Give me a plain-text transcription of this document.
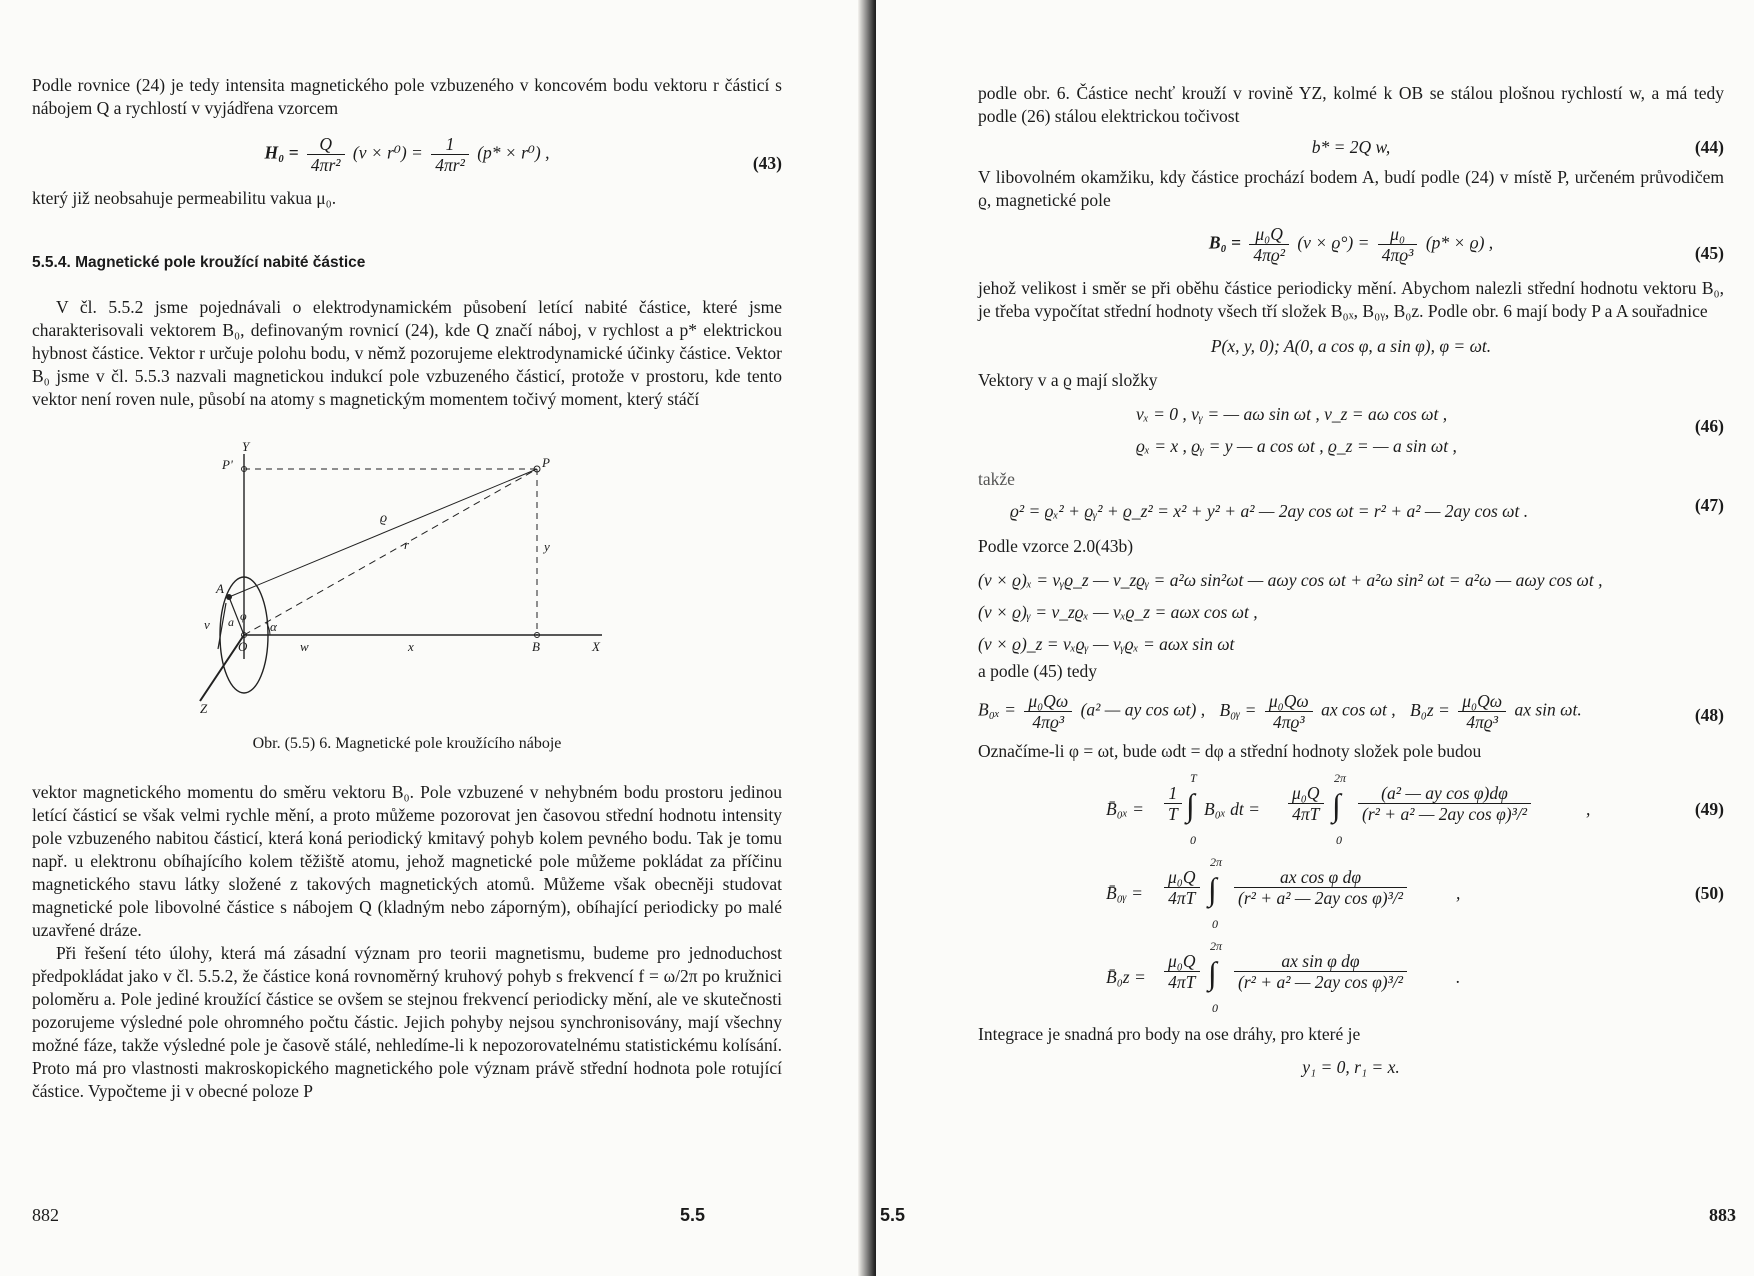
Podle rovnice (24) je tedy intensita magnetického pole vzbuzeného v koncovém bodu vektoru r částicí s nábojem Q a rychlostí v vyjádřena vzorcem

$H_0 = \frac{Q}{\text{4πr²}} (v \times r^0) = \frac{1}{\text{4πr²}} (p* \times r^0)$ ,
(43)

který již neobsahuje permeabilitu vakua μ₀.

5.5.4. Magnetické pole kroužící nabité částice

V čl. 5.5.2 jsme pojednávali o elektrodynamickém působení letící nabité částice, které jsme charakterisovali vektorem B₀, definovaným rovnicí (24), kde Q značí náboj, v rychlost a p* elektrickou hybnost částice. Vektor r určuje polohu bodu, v němž pozorujeme elektrodynamické účinky částice. Vektor B₀ jsme v čl. 5.5.3 nazvali magnetickou indukcí pole vzbuzeného částicí, protože v prostoru, kde tento vektor není roven nule, působí na atomy s magnetickým momentem točivý moment, který stáčí

Y
P'	P
ϱ
r	y
A
a φ
α
v
O	w	x	B	X
Z
Obr. (5.5) 6. Magnetické pole kroužícího náboje

vektor magnetického momentu do směru vektoru B₀. Pole vzbuzené v nehybném bodu prostoru jedinou letící částicí se však velmi rychle mění, a proto můžeme pozorovat jen časovou střední hodnotu intensity pole vzbuzeného nabitou částicí, která koná periodický kmitavý pohyb kolem pevného bodu. Tak je tomu např. u elektronu obíhajícího kolem těžiště atomu, jehož magnetické pole můžeme pokládat za příčinu magnetického stavu látky složené z takových magnetických atomů. Můžeme však obecněji studovat magnetické pole libovolné částice s nábojem Q (kladným nebo záporným), obíhající periodicky po malé uzavřené dráze.

Při řešení této úlohy, která má zásadní význam pro teorii magnetismu, budeme pro jednoduchost předpokládat jako v čl. 5.5.2, že částice koná rovnoměrný kruhový pohyb s frekvencí f = ω/2π po kružnici poloměru a. Pole jediné kroužící částice se ovšem se stejnou frekvencí periodicky mění, ale ve skutečnosti pozorujeme výsledné pole ohromného počtu částic. Jejich pohyby nejsou synchronisovány, mají všechny možné fáze, takže výsledné pole je časově stálé, nehledíme-li k nepozorovatelnému statistickému kolísání. Proto má pro vlastnosti makroskopického magnetického pole význam právě střední hodnota pole rotující částice. Vypočteme ji v obecné poloze P

882	5.5

podle obr. 6. Částice nechť krouží v rovině YZ, kolmé k OB se stálou plošnou rychlostí w, a má tedy podle (26) stálou elektrickou točivost

b* = 2Q w,	(44)

V libovolném okamžiku, kdy částice prochází bodem A, budí podle (24) v místě P, určeném průvodičem ϱ, magnetické pole

$B_0 = \frac{\text{μ₀Q}}{\text{4πϱ²}} (v \times ϱ^\circ) = \frac{\text{μ₀}}{\text{4πϱ³}} (p* \times ϱ)$ ,
(45)

jehož velikost i směr se při oběhu částice periodicky mění. Abychom nalezli střední hodnotu vektoru B₀, je třeba vypočítat střední hodnoty všech tří složek B₀ₓ, B₀ᵧ, B₀z. Podle obr. 6 mají body P a A souřadnice

P(x, y, 0); A(0, a cos φ, a sin φ), φ = ωt.

Vektory v a ϱ mají složky

vₓ = 0 , vᵧ = — aω sin ωt , v_z = aω cos ωt ,
ϱₓ = x , ϱᵧ = y — a cos ωt , ϱ_z = — a sin ωt ,
(46)

takže

ϱ² = ϱₓ² + ϱᵧ² + ϱ_z² = x² + y² + a² — 2ay cos ωt = r² + a² — 2ay cos ωt .	(47)

Podle vzorce 2.0(43b)

(v × ϱ)ₓ = vᵧϱ_z — v_zϱᵧ = a²ω sin²ωt — aωy cos ωt + a²ω sin² ωt = a²ω — aωy cos ωt ,
(v × ϱ)ᵧ = v_zϱₓ — vₓϱ_z = aωx cos ωt ,
(v × ϱ)_z = vₓϱᵧ — vᵧϱₓ = aωx sin ωt

a podle (45) tedy

$B_{0x} = \frac{\text{μ₀Qω}}{\text{4πϱ³}} (a^2$ — ay cos ωt) , B₀ᵧ = $\frac{\text{μ₀Qω}}{\text{4πϱ³}}$ ax cos ωt , $B_0z = \frac{\text{μ₀Qω}}{\text{4πϱ³}}$ ax sin ωt.	(48)

Označíme-li φ = ωt, bude ωdt = dφ a střední hodnoty složek pole budou

B̄₀ₓ = $\frac{1}{T}$
T
∫
0
B₀ₓ dt = $\frac{\text{μ₀Q}}{4\pi T}$
2π
∫
0
$\frac{\text{(a² — ay cos φ)dφ}}{\text{(r² + a² — 2ay cos φ)³/²}}$	,	(49)
B̄₀ᵧ = $\frac{\text{μ₀Q}}{4\pi T}$
2π
∫
0
$\frac{\text{ax cos φ dφ}}{\text{(r² + a² — 2ay cos φ)³/²}}$	,	(50)
B̄₀z = $\frac{\text{μ₀Q}}{4\pi T}$
2π
∫
0
$\frac{\text{ax sin φ dφ}}{\text{(r² + a² — 2ay cos φ)³/²}}$	.

Integrace je snadná pro body na ose dráhy, pro které je

y₁ = 0, r₁ = x.
5.5	883
